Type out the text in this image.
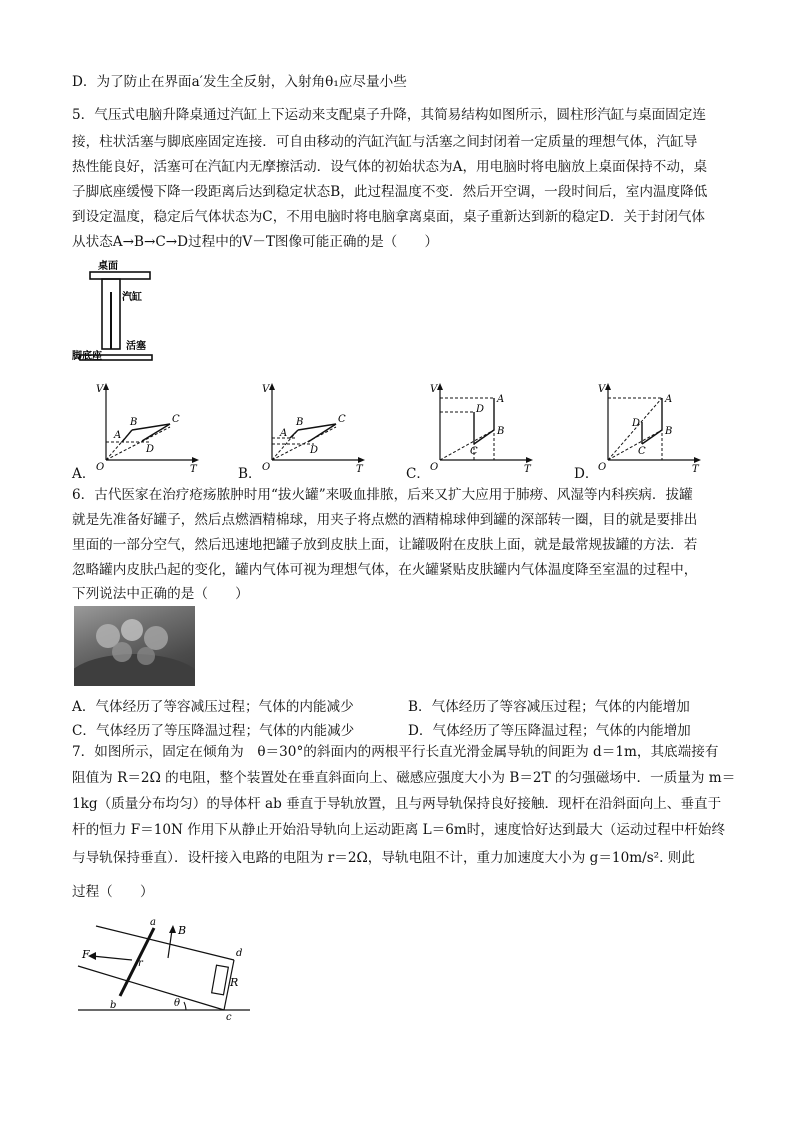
D．为了防止在界面a′发生全反射，入射角θ₁应尽量小些
5．气压式电脑升降桌通过汽缸上下运动来支配桌子升降，其简易结构如图所示，圆柱形汽缸与桌面固定连
接，柱状活塞与脚底座固定连接．可自由移动的汽缸汽缸与活塞之间封闭着一定质量的理想气体，汽缸导
热性能良好，活塞可在汽缸内无摩擦活动．设气体的初始状态为A，用电脑时将电脑放上桌面保持不动，桌
子脚底座缓慢下降一段距离后达到稳定状态B，此过程温度不变．然后开空调，一段时间后，室内温度降低
到设定温度，稳定后气体状态为C，不用电脑时将电脑拿离桌面，桌子重新达到新的稳定D．关于封闭气体
从状态A→B→C→D过程中的V－T图像可能正确的是（　　）
桌面
汽缸
活塞
脚底座
V
T
O
A
B	C
D
A．
V
T
O
A
B	C
D
B．
V
T
O
A
B
C
D
C．
V
T
O
A
B
C
D
D．
6．古代医家在治疗疮疡脓肿时用“拔火罐”来吸血排脓，后来又扩大应用于肺痨、风湿等内科疾病．拔罐
就是先准备好罐子，然后点燃酒精棉球，用夹子将点燃的酒精棉球伸到罐的深部转一圈，目的就是要排出
里面的一部分空气，然后迅速地把罐子放到皮肤上面，让罐吸附在皮肤上面，就是最常规拔罐的方法．若
忽略罐内皮肤凸起的变化，罐内气体可视为理想气体，在火罐紧贴皮肤罐内气体温度降至室温的过程中，
下列说法中正确的是（　　）
A．气体经历了等容减压过程；气体的内能减少	B．气体经历了等容减压过程；气体的内能增加
C．气体经历了等压降温过程；气体的内能减少	D．气体经历了等压降温过程；气体的内能增加
7．如图所示，固定在倾角为　θ＝30°的斜面内的两根平行长直光滑金属导轨的间距为 d＝1m，其底端接有
阻值为 R＝2Ω 的电阻，整个装置处在垂直斜面向上、磁感应强度大小为 B＝2T 的匀强磁场中．一质量为 m＝
1kg（质量分布均匀）的导体杆 ab 垂直于导轨放置，且与两导轨保持良好接触．现杆在沿斜面向上、垂直于
杆的恒力 F＝10N 作用下从静止开始沿导轨向上运动距离 L＝6m时，速度恰好达到最大（运动过程中杆始终
与导轨保持垂直）．设杆接入电路的电阻为 r＝2Ω，导轨电阻不计，重力加速度大小为 g＝10m/s². 则此
过程（　　）
a
b
c
d
F
B
r
R
θ
